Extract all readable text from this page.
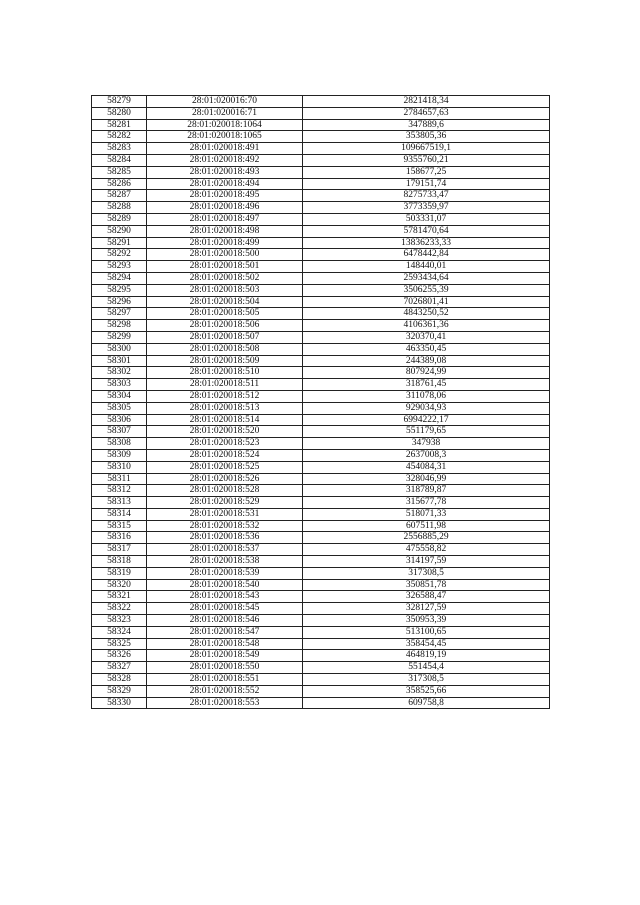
58279	28:01:020016:70	2821418,34
58280	28:01:020016:71	2784657,63
58281	28:01:020018:1064	347889,6
58282	28:01:020018:1065	353805,36
58283	28:01:020018:491	109667519,1
58284	28:01:020018:492	9355760,21
58285	28:01:020018:493	158677,25
58286	28:01:020018:494	179151,74
58287	28:01:020018:495	8275733,47
58288	28:01:020018:496	3773359,97
58289	28:01:020018:497	503331,07
58290	28:01:020018:498	5781470,64
58291	28:01:020018:499	13836233,33
58292	28:01:020018:500	6478442,84
58293	28:01:020018:501	148440,01
58294	28:01:020018:502	2593434,64
58295	28:01:020018:503	3506255,39
58296	28:01:020018:504	7026801,41
58297	28:01:020018:505	4843250,52
58298	28:01:020018:506	4106361,36
58299	28:01:020018:507	320370,41
58300	28:01:020018:508	463350,45
58301	28:01:020018:509	244389,08
58302	28:01:020018:510	807924,99
58303	28:01:020018:511	318761,45
58304	28:01:020018:512	311078,06
58305	28:01:020018:513	929034,93
58306	28:01:020018:514	6994222,17
58307	28:01:020018:520	551179,65
58308	28:01:020018:523	347938
58309	28:01:020018:524	2637008,3
58310	28:01:020018:525	454084,31
58311	28:01:020018:526	328046,99
58312	28:01:020018:528	318789,87
58313	28:01:020018:529	315677,78
58314	28:01:020018:531	518071,33
58315	28:01:020018:532	607511,98
58316	28:01:020018:536	2556885,29
58317	28:01:020018:537	475558,82
58318	28:01:020018:538	314197,59
58319	28:01:020018:539	317308,5
58320	28:01:020018:540	350851,78
58321	28:01:020018:543	326588,47
58322	28:01:020018:545	328127,59
58323	28:01:020018:546	350953,39
58324	28:01:020018:547	513100,65
58325	28:01:020018:548	358454,45
58326	28:01:020018:549	464819,19
58327	28:01:020018:550	551454,4
58328	28:01:020018:551	317308,5
58329	28:01:020018:552	358525,66
58330	28:01:020018:553	609758,8
